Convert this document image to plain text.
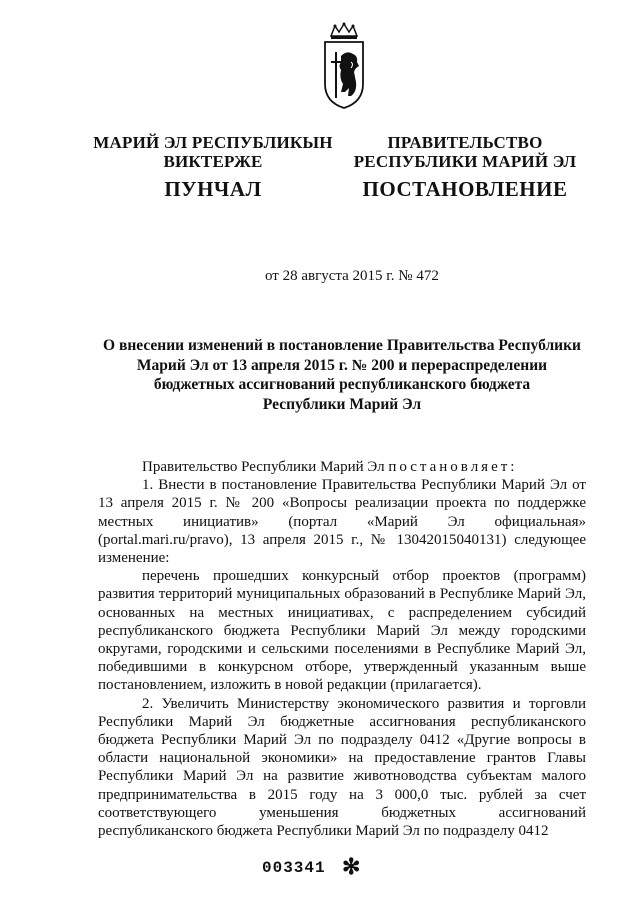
МАРИЙ ЭЛ РЕСПУБЛИКЫН
ВИКТЕРЖЕ
ПРАВИТЕЛЬСТВО
РЕСПУБЛИКИ МАРИЙ ЭЛ
ПУНЧАЛ	ПОСТАНОВЛЕНИЕ
от 28 августа 2015 г. № 472
О внесении изменений в постановление Правительства Республики
Марий Эл от 13 апреля 2015 г. № 200 и перераспределении
бюджетных ассигнований республиканского бюджета
Республики Марий Эл

Правительство Республики Марий Эл постановляет:

1. Внести в постановление Правительства Республики Марий Эл от 13 апреля 2015 г. № 200 «Вопросы реализации проекта по поддержке местных инициатив» (портал «Марий Эл официальная» (portal.mari.ru/pravo), 13 апреля 2015 г., № 13042015040131) следующее изменение:

перечень прошедших конкурсный отбор проектов (программ) развития территорий муниципальных образований в Республике Марий Эл, основанных на местных инициативах, с распределением субсидий республиканского бюджета Республики Марий Эл между городскими округами, городскими и сельскими поселениями в Республике Марий Эл, победившими в конкурсном отборе, утвержденный указанным выше постановлением, изложить в новой редакции (прилагается).

2. Увеличить Министерству экономического развития и торговли Республики Марий Эл бюджетные ассигнования республиканского бюджета Республики Марий Эл по подразделу 0412 «Другие вопросы в области национальной экономики» на предоставление грантов Главы Республики Марий Эл на развитие животноводства субъектам малого предпринимательства в 2015 году на 3 000,0 тыс. рублей за счет соответствующего уменьшения бюджетных ассигнований республиканского бюджета Республики Марий Эл по подразделу 0412

003341 ✻
